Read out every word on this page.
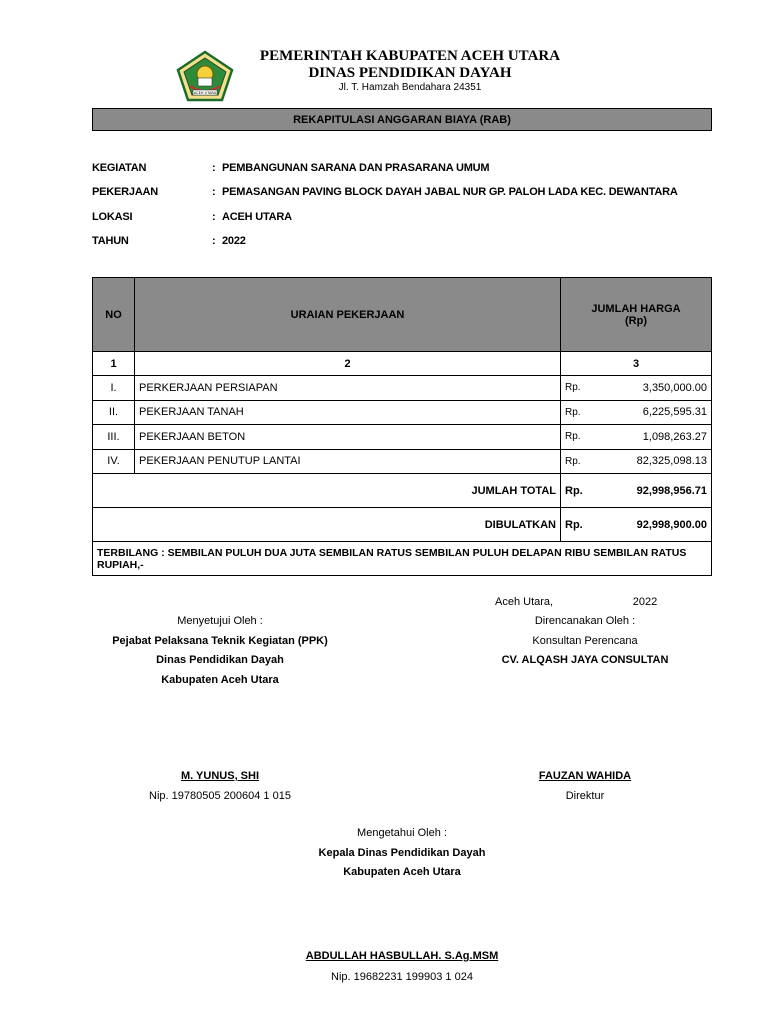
ACEH UTARA
PEMERINTAH KABUPATEN ACEH UTARA
DINAS PENDIDIKAN DAYAH
Jl. T. Hamzah Bendahara 24351
REKAPITULASI ANGGARAN BIAYA (RAB)
KEGIATAN	: PEMBANGUNAN SARANA DAN PRASARANA UMUM
PEKERJAAN	: PEMASANGAN PAVING BLOCK DAYAH JABAL NUR GP. PALOH LADA KEC. DEWANTARA
LOKASI	: ACEH UTARA
TAHUN	: 2022
NO	URAIAN PEKERJAAN	JUMLAH HARGA
(Rp)	

1	2	3	
I.	PERKERJAAN PERSIAPAN	Rp.	3,350,000.00
II.	PEKERJAAN TANAH	Rp.	6,225,595.31
III.	PEKERJAAN BETON	Rp.	1,098,263.27
IV.	PEKERJAAN PENUTUP LANTAI	Rp.	82,325,098.13
JUMLAH TOTAL		Rp.	92,998,956.71
DIBULATKAN		Rp.	92,998,900.00
TERBILANG : SEMBILAN PULUH DUA JUTA SEMBILAN RATUS SEMBILAN PULUH DELAPAN RIBU SEMBILAN RATUS RUPIAH,-			
Aceh Utara,	2022
Direncanakan Oleh :
Konsultan Perencana
CV. ALQASH JAYA CONSULTAN
FAUZAN WAHIDA
Direktur
Menyetujui Oleh :
Pejabat Pelaksana Teknik Kegiatan (PPK)
Dinas Pendidikan Dayah
Kabupaten Aceh Utara
M. YUNUS, SHI
Nip. 19780505 200604 1 015
Mengetahui Oleh :
Kepala Dinas Pendidikan Dayah
Kabupaten Aceh Utara
ABDULLAH HASBULLAH. S.Ag.MSM
Nip. 19682231 199903 1 024
